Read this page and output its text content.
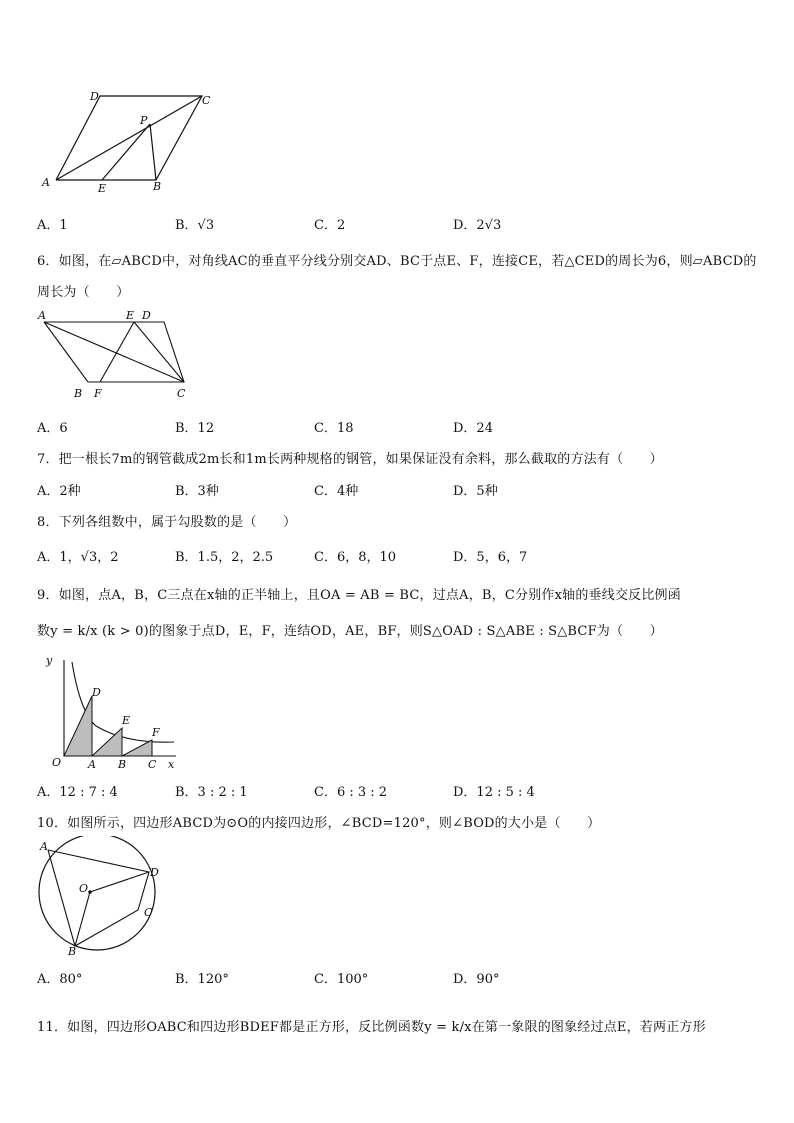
D	C
P
A	E	B
A．1	B．√3	C．2	D．2√3
6．如图，在▱ABCD中，对角线AC的垂直平分线分别交AD、BC于点E、F，连接CE，若△CED的周长为6，则▱ABCD的
周长为（　　）
A	E D
B F	C
A．6	B．12	C．18	D．24
7．把一根长7m的钢管截成2m长和1m长两种规格的钢管，如果保证没有余料，那么截取的方法有（　　）
A．2种	B．3种	C．4种	D．5种
8．下列各组数中，属于勾股数的是（　　）
A．1，√3，2	B．1.5，2，2.5	C．6，8，10	D．5，6，7
9．如图，点A，B，C三点在x轴的正半轴上，且OA = AB = BC，过点A，B，C分别作x轴的垂线交反比例函
数y = k/x (k > 0)的图象于点D，E，F，连结OD，AE，BF，则S△OAD : S△ABE : S△BCF为（　　）
y
D
E
F
O A B C x
A．12 : 7 : 4	B．3 : 2 : 1	C．6 : 3 : 2	D．12 : 5 : 4
10．如图所示，四边形ABCD为⊙O的内接四边形，∠BCD=120°，则∠BOD的大小是（　　）
A
D
O
C
B
A．80°	B．120°	C．100°	D．90°
11．如图，四边形OABC和四边形BDEF都是正方形，反比例函数y = k/x在第一象限的图象经过点E，若两正方形
